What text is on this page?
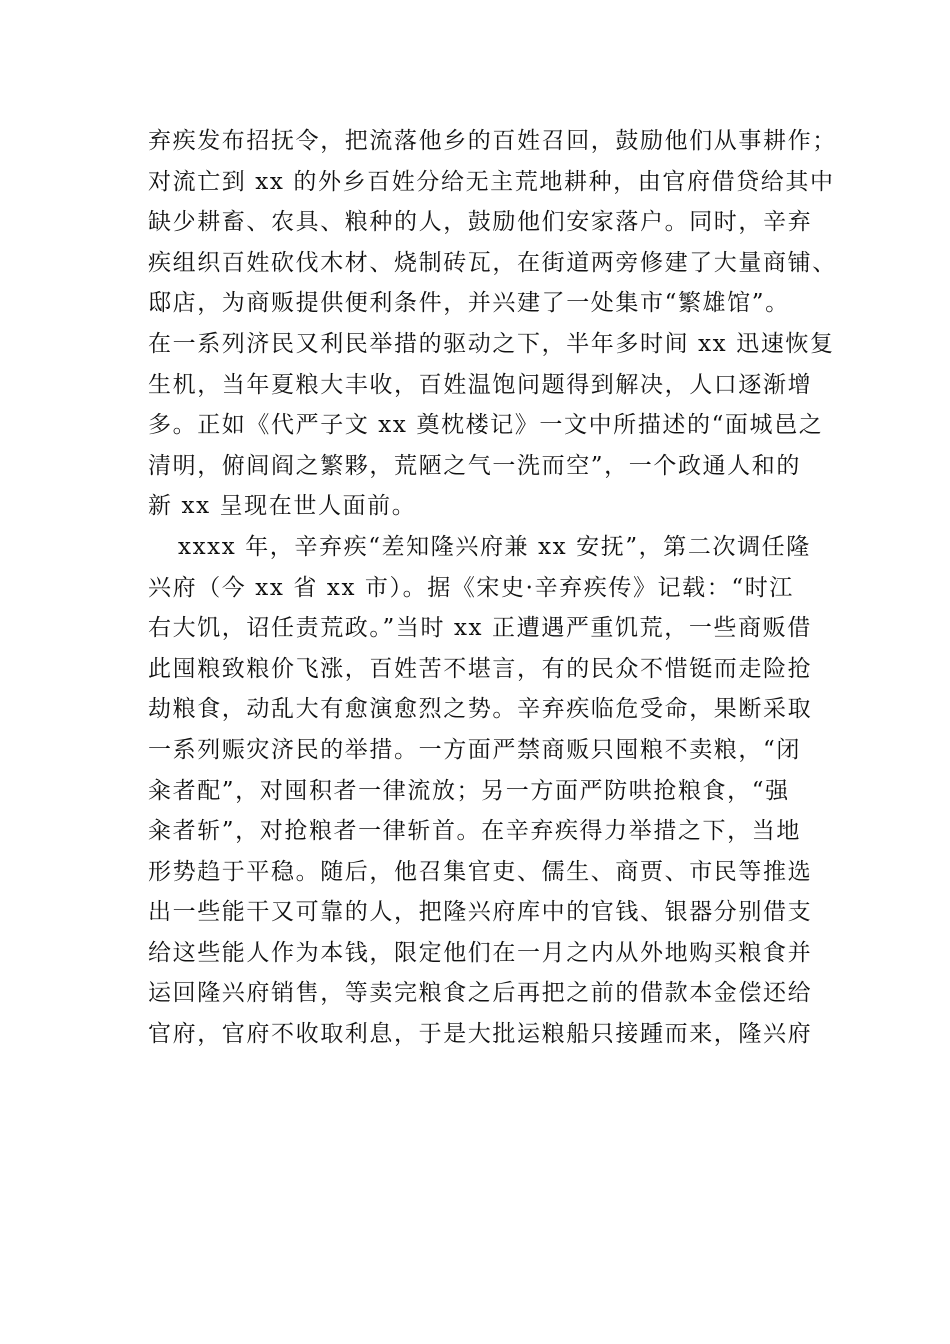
弃疾发布招抚令，把流落他乡的百姓召回，鼓励他们从事耕作；
对流亡到 xx 的外乡百姓分给无主荒地耕种，由官府借贷给其中
缺少耕畜、农具、粮种的人，鼓励他们安家落户。同时，辛弃
疾组织百姓砍伐木材、烧制砖瓦，在街道两旁修建了大量商铺、
邸店，为商贩提供便利条件，并兴建了一处集市“繁雄馆”。
在一系列济民又利民举措的驱动之下，半年多时间 xx 迅速恢复
生机，当年夏粮大丰收，百姓温饱问题得到解决，人口逐渐增
多。正如《代严子文 xx 奠枕楼记》一文中所描述的“面城邑之
清明，俯闾阎之繁夥，荒陋之气一洗而空”，一个政通人和的
新 xx 呈现在世人面前。
xxxx 年，辛弃疾“差知隆兴府兼 xx 安抚”，第二次调任隆
兴府（今 xx 省 xx 市）。据《宋史·辛弃疾传》记载：“时江
右大饥，诏任责荒政。”当时 xx 正遭遇严重饥荒，一些商贩借
此囤粮致粮价飞涨，百姓苦不堪言，有的民众不惜铤而走险抢
劫粮食，动乱大有愈演愈烈之势。辛弃疾临危受命，果断采取
一系列赈灾济民的举措。一方面严禁商贩只囤粮不卖粮，“闭
籴者配”，对囤积者一律流放；另一方面严防哄抢粮食，“强
籴者斩”，对抢粮者一律斩首。在辛弃疾得力举措之下，当地
形势趋于平稳。随后，他召集官吏、儒生、商贾、市民等推选
出一些能干又可靠的人，把隆兴府库中的官钱、银器分别借支
给这些能人作为本钱，限定他们在一月之内从外地购买粮食并
运回隆兴府销售，等卖完粮食之后再把之前的借款本金偿还给
官府，官府不收取利息，于是大批运粮船只接踵而来，隆兴府
